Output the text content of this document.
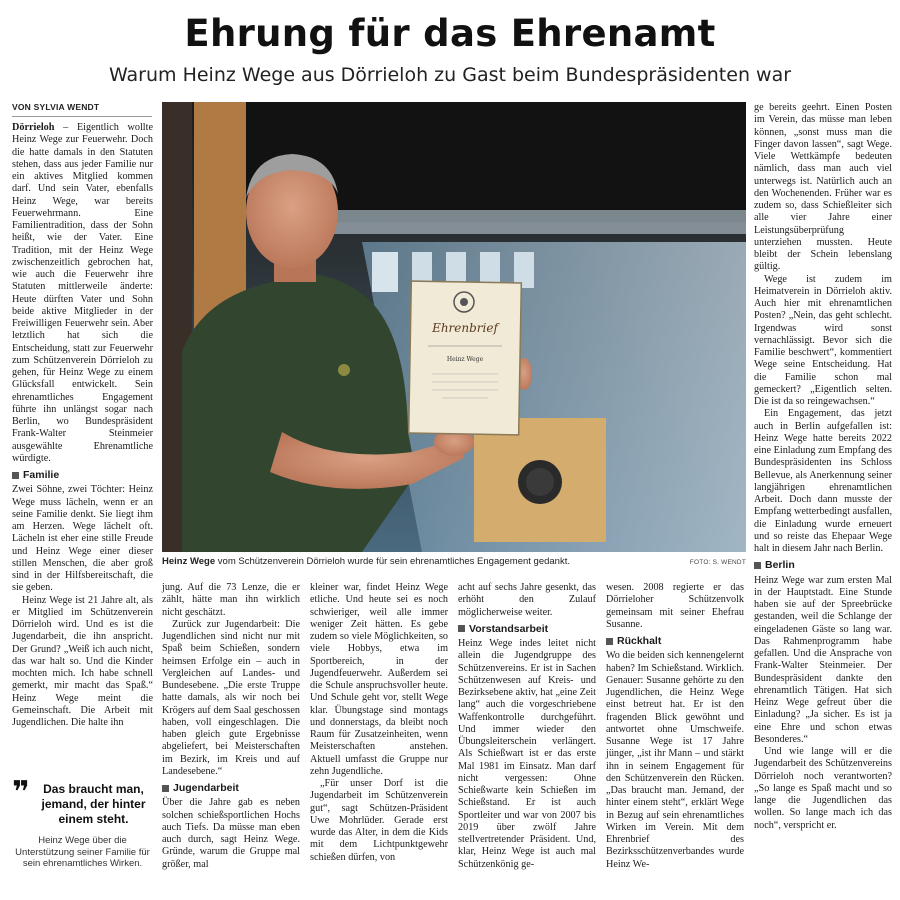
Ehrung für das Ehrenamt
Warum Heinz Wege aus Dörrieloh zu Gast beim Bundespräsidenten war
VON SYLVIA WENDT

Dörrieloh – Eigentlich wollte Heinz Wege zur Feuerwehr. Doch die hatte damals in den Statuten stehen, dass aus jeder Familie nur ein aktives Mitglied kommen darf. Und sein Vater, ebenfalls Heinz Wege, war bereits Feuerwehrmann. Eine Familientradition, dass der Sohn heißt, wie der Vater. Eine Tradition, mit der Heinz Wege zwischenzeitlich gebrochen hat, wie auch die Feuerwehr ihre Statuten mittlerweile änderte: Heute dürften Vater und Sohn beide aktive Mitglieder in der Freiwilligen Feuerwehr sein. Aber letztlich hat sich die Entscheidung, statt zur Feuerwehr zum Schützenverein Dörrieloh zu gehen, für Heinz Wege zu einem Glücksfall entwickelt. Sein ehrenamtliches Engagement führte ihn unlängst sogar nach Berlin, wo Bundespräsident Frank-Walter Steinmeier ausgewählte Ehrenamtliche würdigte.

Familie

Zwei Söhne, zwei Töchter: Heinz Wege muss lächeln, wenn er an seine Familie denkt. Sie liegt ihm am Herzen. Wege lächelt oft. Lächeln ist eher eine stille Freude und Heinz Wege einer dieser stillen Menschen, die aber groß sind in der Hilfsbereitschaft, die sie geben.

Heinz Wege ist 21 Jahre alt, als er Mitglied im Schützenverein Dörrieloh wird. Und es ist die Jugendarbeit, die ihn anspricht. Der Grund? „Weiß ich auch nicht, das war halt so. Und die Kinder mochten mich. Ich habe schnell gemerkt, mir macht das Spaß.“ Heinz Wege meint die Gemeinschaft. Die Arbeit mit Jugendlichen. Die halte ihn

❞	Das braucht man, jemand, der hinter einem steht.
Heinz Wege über die Unterstützung seiner Familie für sein ehrenamtliches Wirken.
Ehrenbrief
Heinz Wege
Heinz Wege vom Schützenverein Dörrieloh wurde für sein ehrenamtliches Engagement gedankt.	FOTO: S. WENDT

jung. Auf die 73 Lenze, die er zählt, hätte man ihn wirklich nicht geschätzt.

Zurück zur Jugendarbeit: Die Jugendlichen sind nicht nur mit Spaß beim Schießen, sondern heimsen Erfolge ein – auch in Vergleichen auf Landes- und Bundesebene. „Die erste Truppe hatte damals, als wir noch bei Krögers auf dem Saal geschossen haben, voll eingeschlagen. Die haben gleich gute Ergebnisse abgeliefert, bei Meisterschaften im Bezirk, im Kreis und auf Landesebene.“

Jugendarbeit

Über die Jahre gab es neben solchen schießsportlichen Hochs auch Tiefs. Da müsse man eben auch durch, sagt Heinz Wege. Gründe, warum die Gruppe mal größer, mal

kleiner war, findet Heinz Wege etliche. Und heute sei es noch schwieriger, weil alle immer weniger Zeit hätten. Es gebe zudem so viele Möglichkeiten, so viele Hobbys, etwa im Sportbereich, in der Jugendfeuerwehr. Außerdem sei die Schule anspruchsvoller heute. Und Schule geht vor, stellt Wege klar. Übungstage sind montags und donnerstags, da bleibt noch Raum für Zusatzeinheiten, wenn Meisterschaften anstehen. Aktuell umfasst die Gruppe nur zehn Jugendliche.

„Für unser Dorf ist die Jugendarbeit im Schützenverein gut“, sagt Schützen-Präsident Uwe Mohrlüder. Gerade erst wurde das Alter, in dem die Kids mit dem Lichtpunktgewehr schießen dürfen, von

acht auf sechs Jahre gesenkt, das erhöht den Zulauf möglicherweise weiter.

Vorstandsarbeit

Heinz Wege indes leitet nicht allein die Jugendgruppe des Schützenvereins. Er ist in Sachen Schützenwesen auf Kreis- und Bezirksebene aktiv, hat „eine Zeit lang“ auch die vorgeschriebene Waffenkontrolle durchgeführt. Und immer wieder den Übungsleiterschein verlängert. Als Schießwart ist er das erste Mal 1981 im Einsatz. Man darf nicht vergessen: Ohne Schießwarte kein Schießen im Schießstand. Er ist auch Sportleiter und war von 2007 bis 2019 über zwölf Jahre stellvertretender Präsident. Und, klar, Heinz Wege ist auch mal Schützenkönig ge-

wesen. 2008 regierte er das Dörrieloher Schützenvolk gemeinsam mit seiner Ehefrau Susanne.

Rückhalt

Wo die beiden sich kennengelernt haben? Im Schießstand. Wirklich. Genauer: Susanne gehörte zu den Jugendlichen, die Heinz Wege einst betreut hat. Er ist den fragenden Blick gewöhnt und antwortet ohne Umschweife. Susanne Wege ist 17 Jahre jünger, „ist ihr Mann – und stärkt ihn in seinem Engagement für den Schützenverein den Rücken. „Das braucht man. Jemand, der hinter einem steht“, erklärt Wege in Bezug auf sein ehrenamtliches Wirken im Verein. Mit dem Ehrenbrief des Bezirksschützenverbandes wurde Heinz We-

ge bereits geehrt. Einen Posten im Verein, das müsse man leben können, „sonst muss man die Finger davon lassen“, sagt Wege. Viele Wettkämpfe bedeuten nämlich, dass man auch viel unterwegs ist. Natürlich auch an den Wochenenden. Früher war es zudem so, dass Schießleiter sich alle vier Jahre einer Leistungsüberprüfung unterziehen mussten. Heute bleibt der Schein lebenslang gültig.

Wege ist zudem im Heimatverein in Dörrieloh aktiv. Auch hier mit ehrenamtlichen Posten? „Nein, das geht schlecht. Irgendwas wird sonst vernachlässigt. Bevor sich die Familie beschwert“, kommentiert Wege seine Entscheidung. Hat die Familie schon mal gemeckert? „Eigentlich selten. Die ist da so reingewachsen.“

Ein Engagement, das jetzt auch in Berlin aufgefallen ist: Heinz Wege hatte bereits 2022 eine Einladung zum Empfang des Bundespräsidenten ins Schloss Bellevue, als Anerkennung seiner langjährigen ehrenamtlichen Arbeit. Doch dann musste der Empfang wetterbedingt ausfallen, die Einladung wurde erneuert und so reiste das Ehepaar Wege halt in diesem Jahr nach Berlin.

Berlin

Heinz Wege war zum ersten Mal in der Hauptstadt. Eine Stunde haben sie auf der Spreebrücke gestanden, weil die Schlange der eingeladenen Gäste so lang war. Das Rahmenprogramm habe gefallen. Und die Ansprache von Frank-Walter Steinmeier. Der Bundespräsident dankte den ehrenamtlich Tätigen. Hat sich Heinz Wege gefreut über die Einladung? „Ja sicher. Es ist ja eine Ehre und schon etwas Besonderes.“

Und wie lange will er die Jugendarbeit des Schützenvereins Dörrieloh noch verantworten? „So lange es Spaß macht und so lange die Jugendlichen das wollen. So lange mach ich das noch“, verspricht er.
